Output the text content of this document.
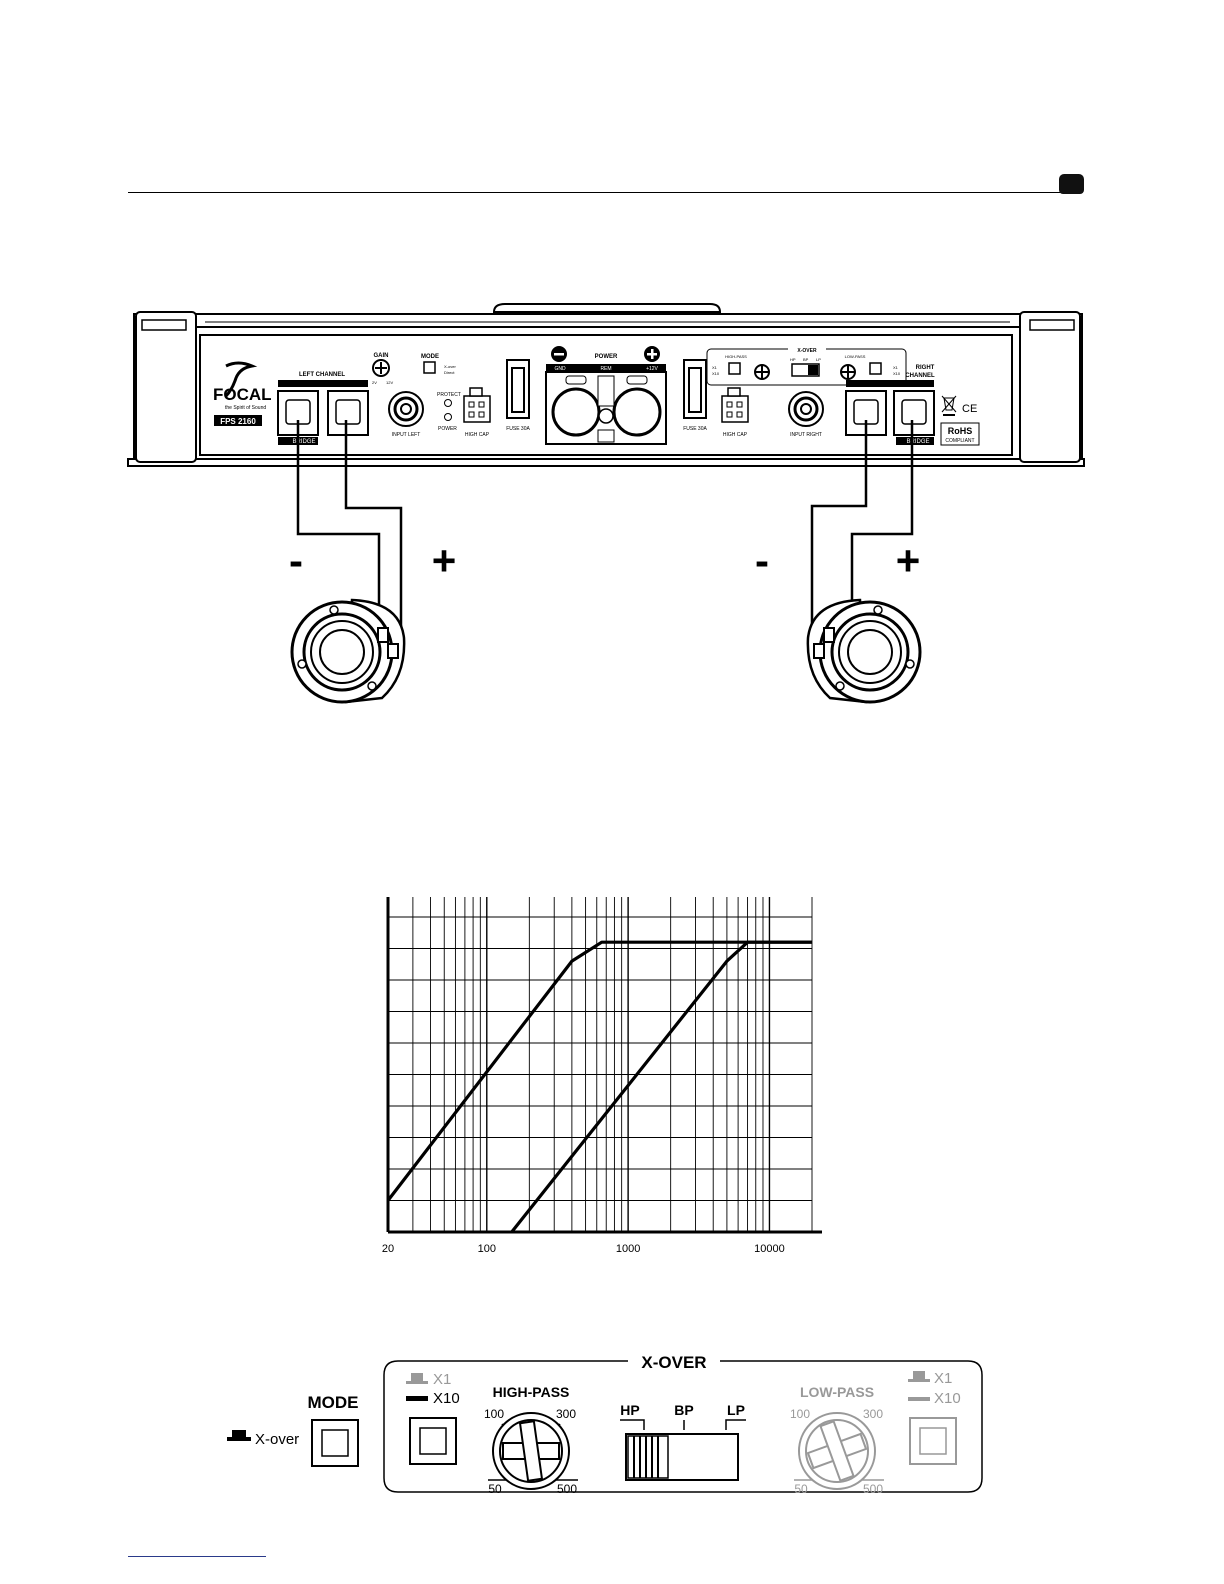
FOCAL
the Spirit of Sound
FPS 2160
LEFT CHANNEL
BRIDGE
GAIN
2V 12V
MODE
X-over
Direct
INPUT LEFT
PROTECT
POWER
HIGH CAP
FUSE 30A
POWER
GND	REM	+12V
FUSE 30A
HIGH CAP
X-OVER
HIGH-PASS
X1
X10
HP BP LP
LOW-PASS
X1
X10
INPUT RIGHT
RIGHT
CHANNEL
BRIDGE
CE
RoHS
COMPLIANT
-	+	-	+
20	100	1000	10000
MODE
X-over
X-OVER
X1
X10 HIGH-PASS
100	300
50	500
HP BP LP
LOW-PASS
100	300
50	500
X1
X10
